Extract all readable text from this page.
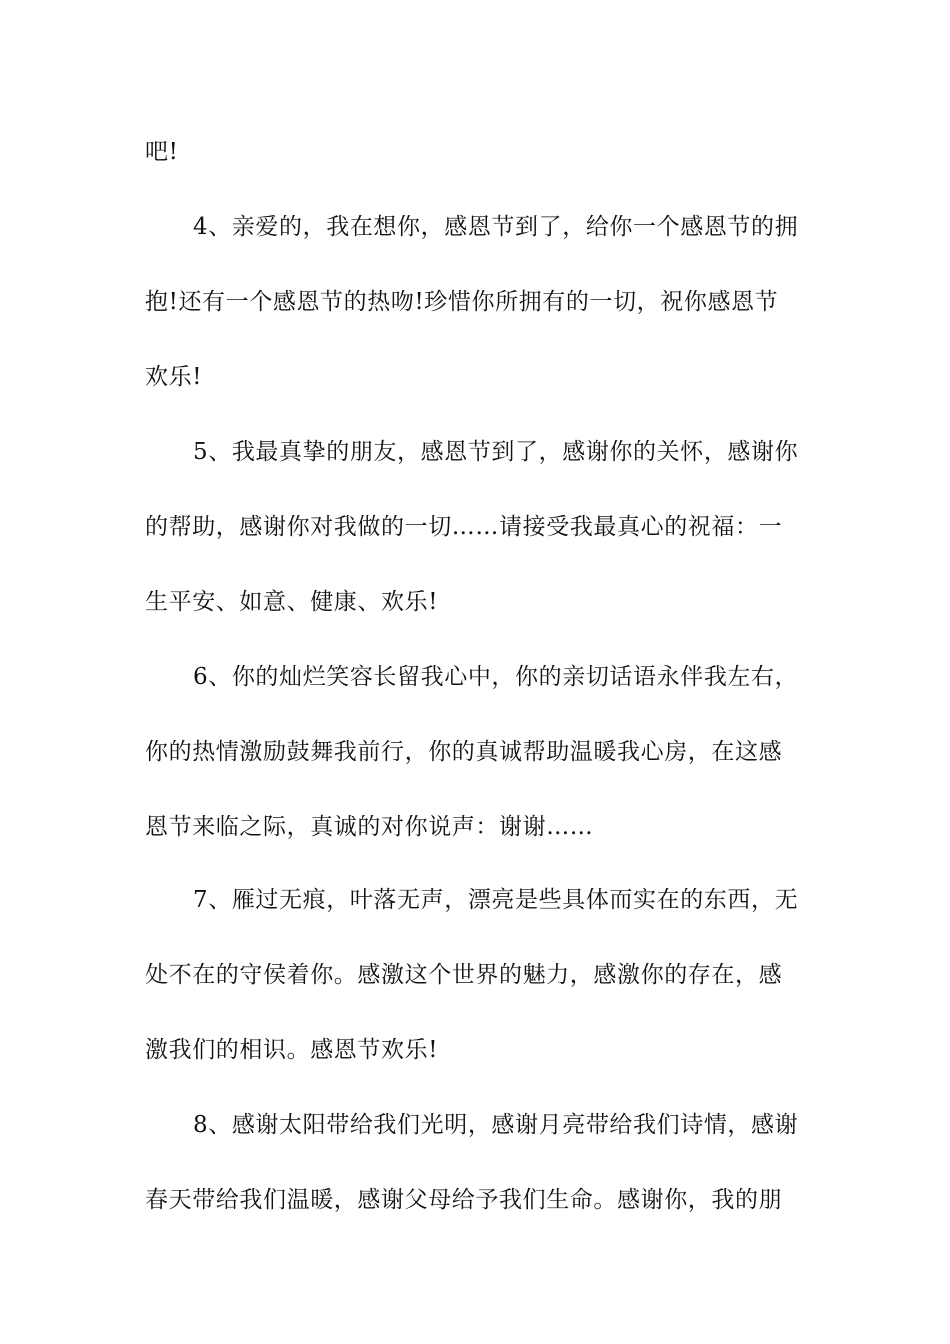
吧!
4、亲爱的，我在想你，感恩节到了，给你一个感恩节的拥
抱!还有一个感恩节的热吻!珍惜你所拥有的一切，祝你感恩节
欢乐!
5、我最真挚的朋友，感恩节到了，感谢你的关怀，感谢你
的帮助，感谢你对我做的一切……请接受我最真心的祝福：一
生平安、如意、健康、欢乐!
6、你的灿烂笑容长留我心中，你的亲切话语永伴我左右，
你的热情激励鼓舞我前行，你的真诚帮助温暖我心房，在这感
恩节来临之际，真诚的对你说声：谢谢……
7、雁过无痕，叶落无声，漂亮是些具体而实在的东西，无
处不在的守侯着你。感激这个世界的魅力，感激你的存在，感
激我们的相识。感恩节欢乐!
8、感谢太阳带给我们光明，感谢月亮带给我们诗情，感谢
春天带给我们温暖，感谢父母给予我们生命。感谢你，我的朋
